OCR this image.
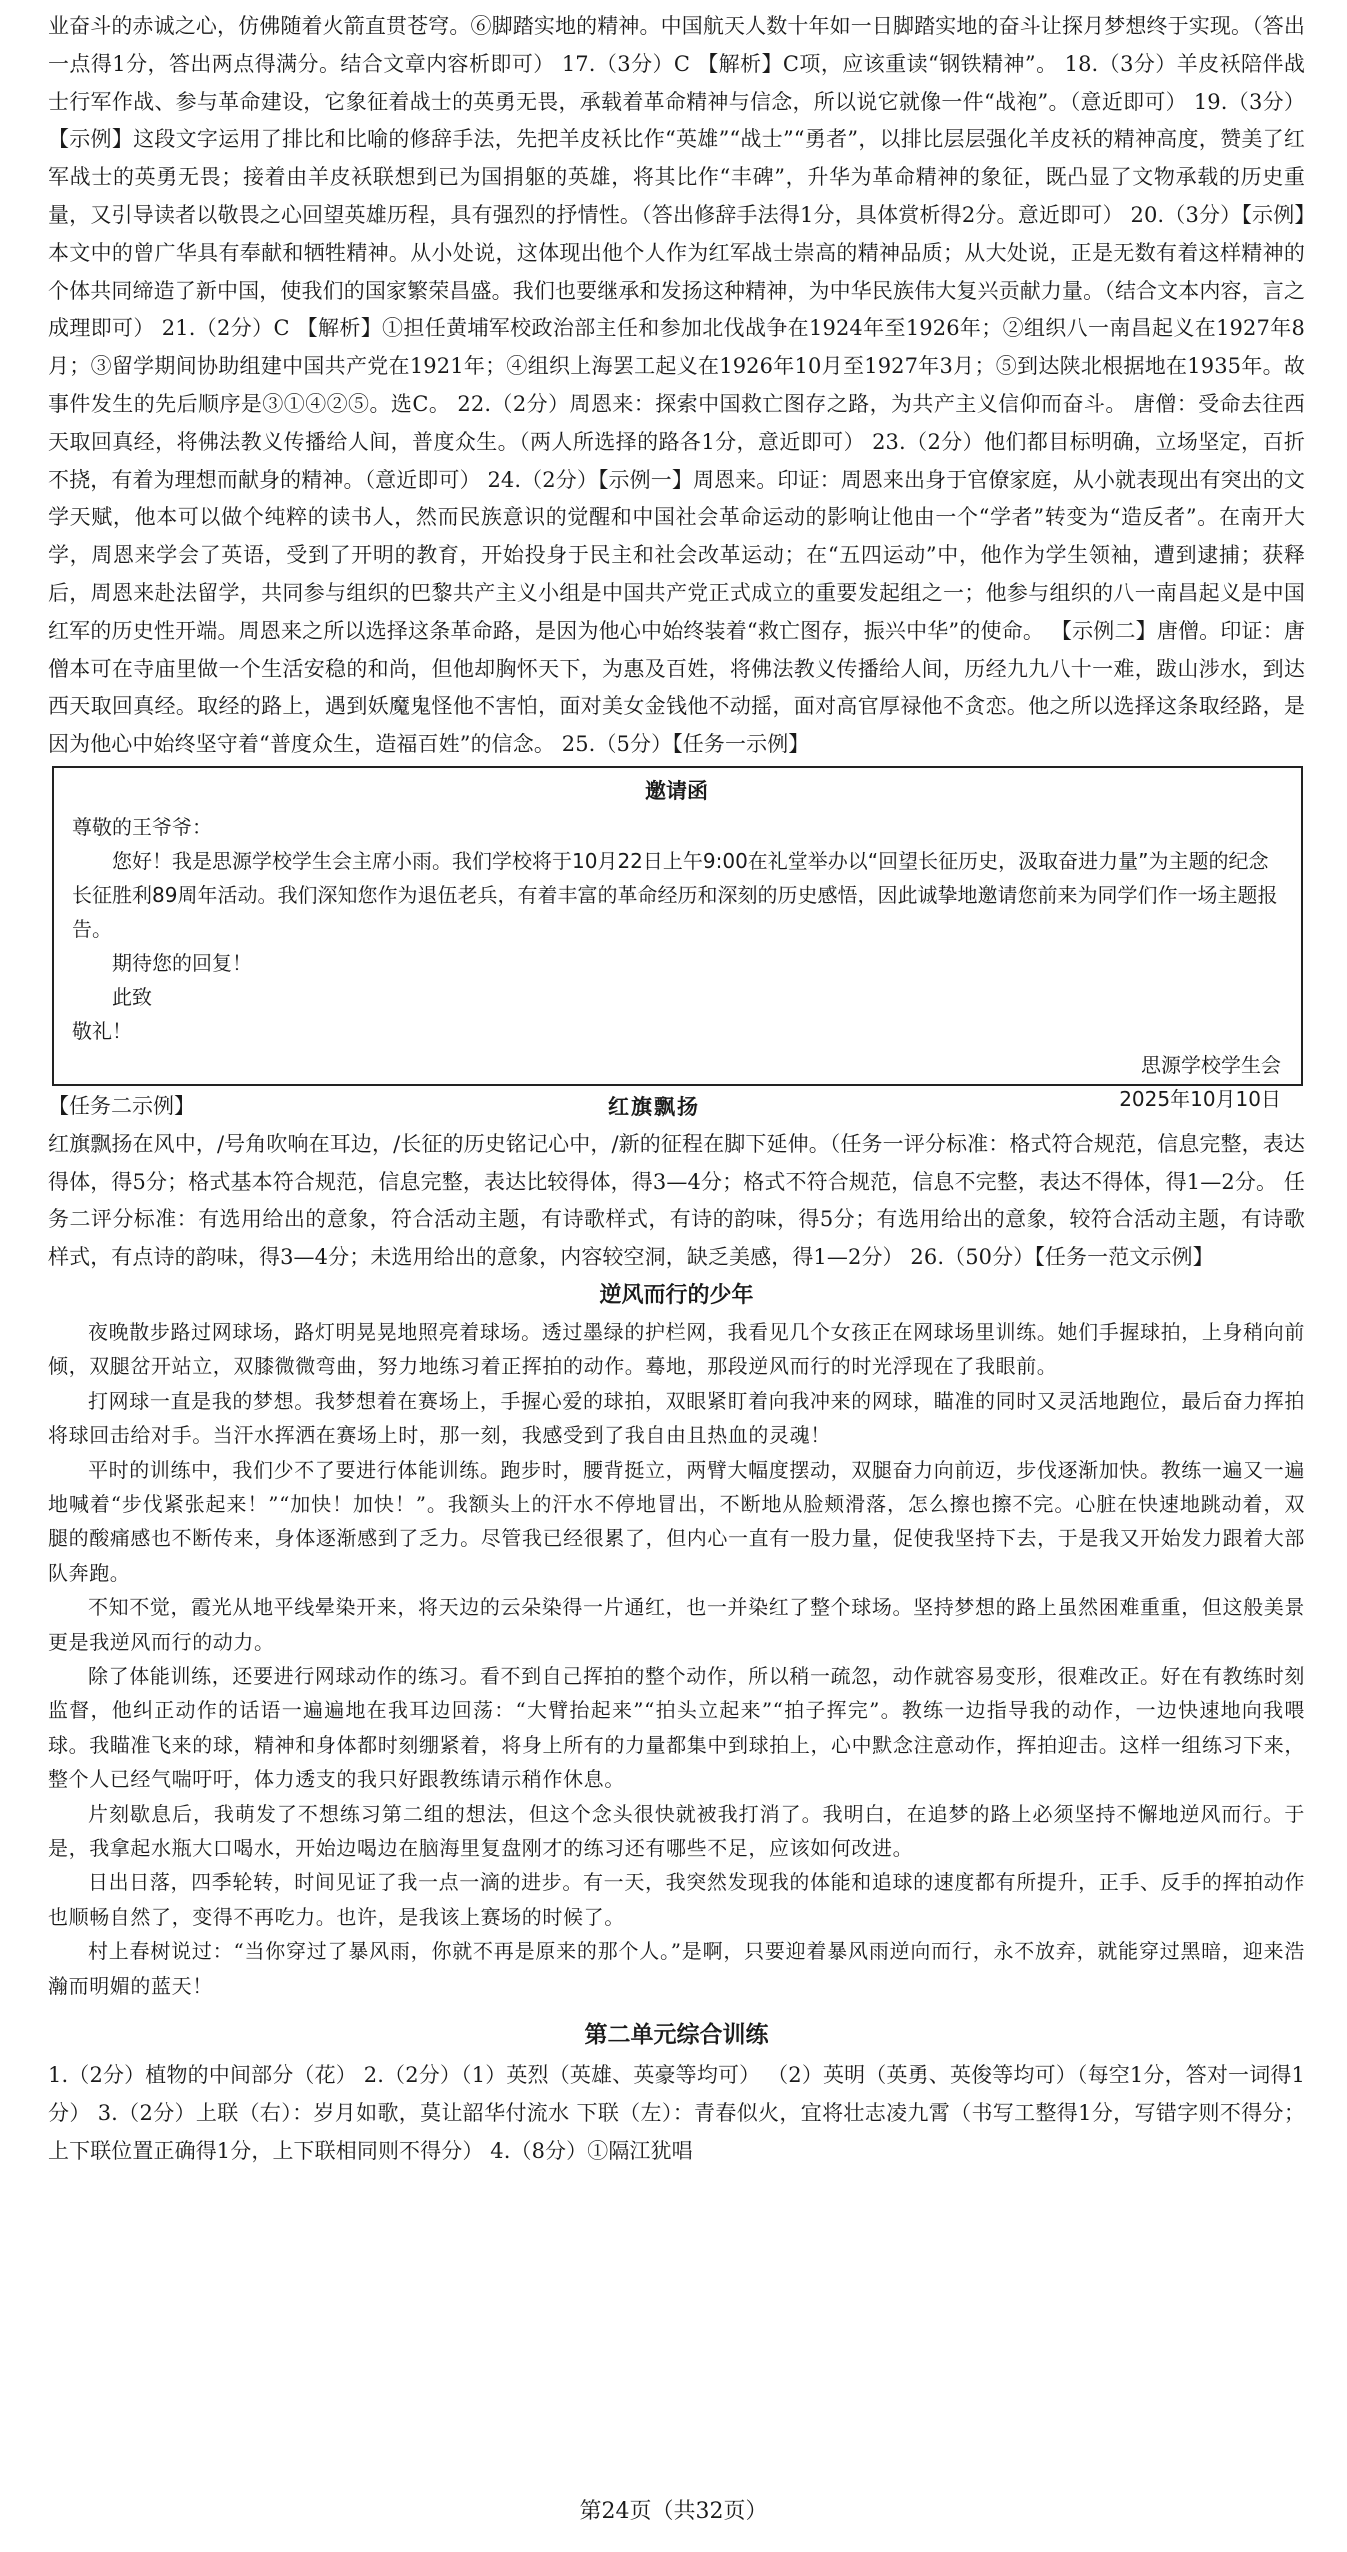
业奋斗的赤诚之心，仿佛随着火箭直贯苍穹。⑥脚踏实地的精神。中国航天人数十年如一日脚踏实地的奋斗让探月梦想终于实现。（答出一点得1分，答出两点得满分。结合文章内容析即可） 17.（3分）C 【解析】C项，应该重读“钢铁精神”。 18.（3分）羊皮袄陪伴战士行军作战、参与革命建设，它象征着战士的英勇无畏，承载着革命精神与信念，所以说它就像一件“战袍”。（意近即可） 19.（3分）【示例】这段文字运用了排比和比喻的修辞手法，先把羊皮袄比作“英雄”“战士”“勇者”，以排比层层强化羊皮袄的精神高度，赞美了红军战士的英勇无畏；接着由羊皮袄联想到已为国捐躯的英雄，将其比作“丰碑”，升华为革命精神的象征，既凸显了文物承载的历史重量，又引导读者以敬畏之心回望英雄历程，具有强烈的抒情性。（答出修辞手法得1分，具体赏析得2分。意近即可） 20.（3分）【示例】本文中的曾广华具有奉献和牺牲精神。从小处说，这体现出他个人作为红军战士崇高的精神品质；从大处说，正是无数有着这样精神的个体共同缔造了新中国，使我们的国家繁荣昌盛。我们也要继承和发扬这种精神，为中华民族伟大复兴贡献力量。（结合文本内容，言之成理即可） 21.（2分）C 【解析】①担任黄埔军校政治部主任和参加北伐战争在1924年至1926年；②组织八一南昌起义在1927年8月；③留学期间协助组建中国共产党在1921年；④组织上海罢工起义在1926年10月至1927年3月；⑤到达陕北根据地在1935年。故事件发生的先后顺序是③①④②⑤。选C。 22.（2分）周恩来：探索中国救亡图存之路，为共产主义信仰而奋斗。 唐僧：受命去往西天取回真经，将佛法教义传播给人间，普度众生。（两人所选择的路各1分，意近即可） 23.（2分）他们都目标明确，立场坚定，百折不挠，有着为理想而献身的精神。（意近即可） 24.（2分）【示例一】周恩来。印证：周恩来出身于官僚家庭，从小就表现出有突出的文学天赋，他本可以做个纯粹的读书人，然而民族意识的觉醒和中国社会革命运动的影响让他由一个“学者”转变为“造反者”。在南开大学，周恩来学会了英语，受到了开明的教育，开始投身于民主和社会改革运动；在“五四运动”中，他作为学生领袖，遭到逮捕；获释后，周恩来赴法留学，共同参与组织的巴黎共产主义小组是中国共产党正式成立的重要发起组之一；他参与组织的八一南昌起义是中国红军的历史性开端。周恩来之所以选择这条革命路，是因为他心中始终装着“救亡图存，振兴中华”的使命。 【示例二】唐僧。印证：唐僧本可在寺庙里做一个生活安稳的和尚，但他却胸怀天下，为惠及百姓，将佛法教义传播给人间，历经九九八十一难，跋山涉水，到达西天取回真经。取经的路上，遇到妖魔鬼怪他不害怕，面对美女金钱他不动摇，面对高官厚禄他不贪恋。他之所以选择这条取经路，是因为他心中始终坚守着“普度众生，造福百姓”的信念。 25.（5分）【任务一示例】

邀请函

尊敬的王爷爷：

您好！我是思源学校学生会主席小雨。我们学校将于10月22日上午9:00在礼堂举办以“回望长征历史，汲取奋进力量”为主题的纪念长征胜利89周年活动。我们深知您作为退伍老兵，有着丰富的革命经历和深刻的历史感悟，因此诚挚地邀请您前来为同学们作一场主题报告。

期待您的回复！

此致

敬礼！

思源学校学生会

2025年10月10日

【任务二示例】	红旗飘扬

红旗飘扬在风中，/号角吹响在耳边，/长征的历史铭记心中，/新的征程在脚下延伸。（任务一评分标准：格式符合规范，信息完整，表达得体，得5分；格式基本符合规范，信息完整，表达比较得体，得3—4分；格式不符合规范，信息不完整，表达不得体，得1—2分。 任务二评分标准：有选用给出的意象，符合活动主题，有诗歌样式，有诗的韵味，得5分；有选用给出的意象，较符合活动主题，有诗歌样式，有点诗的韵味，得3—4分；未选用给出的意象，内容较空洞，缺乏美感，得1—2分） 26.（50分）【任务一范文示例】

逆风而行的少年

夜晚散步路过网球场，路灯明晃晃地照亮着球场。透过墨绿的护栏网，我看见几个女孩正在网球场里训练。她们手握球拍，上身稍向前倾，双腿岔开站立，双膝微微弯曲，努力地练习着正挥拍的动作。蓦地，那段逆风而行的时光浮现在了我眼前。

打网球一直是我的梦想。我梦想着在赛场上，手握心爱的球拍，双眼紧盯着向我冲来的网球，瞄准的同时又灵活地跑位，最后奋力挥拍将球回击给对手。当汗水挥洒在赛场上时，那一刻，我感受到了我自由且热血的灵魂！

平时的训练中，我们少不了要进行体能训练。跑步时，腰背挺立，两臂大幅度摆动，双腿奋力向前迈，步伐逐渐加快。教练一遍又一遍地喊着“步伐紧张起来！”“加快！加快！”。我额头上的汗水不停地冒出，不断地从脸颊滑落，怎么擦也擦不完。心脏在快速地跳动着，双腿的酸痛感也不断传来，身体逐渐感到了乏力。尽管我已经很累了，但内心一直有一股力量，促使我坚持下去，于是我又开始发力跟着大部队奔跑。

不知不觉，霞光从地平线晕染开来，将天边的云朵染得一片通红，也一并染红了整个球场。坚持梦想的路上虽然困难重重，但这般美景更是我逆风而行的动力。

除了体能训练，还要进行网球动作的练习。看不到自己挥拍的整个动作，所以稍一疏忽，动作就容易变形，很难改正。好在有教练时刻监督，他纠正动作的话语一遍遍地在我耳边回荡：“大臂抬起来”“拍头立起来”“拍子挥完”。教练一边指导我的动作，一边快速地向我喂球。我瞄准飞来的球，精神和身体都时刻绷紧着，将身上所有的力量都集中到球拍上，心中默念注意动作，挥拍迎击。这样一组练习下来，整个人已经气喘吁吁，体力透支的我只好跟教练请示稍作休息。

片刻歇息后，我萌发了不想练习第二组的想法，但这个念头很快就被我打消了。我明白，在追梦的路上必须坚持不懈地逆风而行。于是，我拿起水瓶大口喝水，开始边喝边在脑海里复盘刚才的练习还有哪些不足，应该如何改进。

日出日落，四季轮转，时间见证了我一点一滴的进步。有一天，我突然发现我的体能和追球的速度都有所提升，正手、反手的挥拍动作也顺畅自然了，变得不再吃力。也许，是我该上赛场的时候了。

村上春树说过：“当你穿过了暴风雨，你就不再是原来的那个人。”是啊，只要迎着暴风雨逆向而行，永不放弃，就能穿过黑暗，迎来浩瀚而明媚的蓝天！

第二单元综合训练

1.（2分）植物的中间部分（花） 2.（2分）（1）英烈（英雄、英豪等均可） （2）英明（英勇、英俊等均可）（每空1分，答对一词得1分） 3.（2分）上联（右）：岁月如歌，莫让韶华付流水 下联（左）：青春似火，宜将壮志凌九霄（书写工整得1分，写错字则不得分；上下联位置正确得1分，上下联相同则不得分） 4.（8分）①隔江犹唱

第24页（共32页）
